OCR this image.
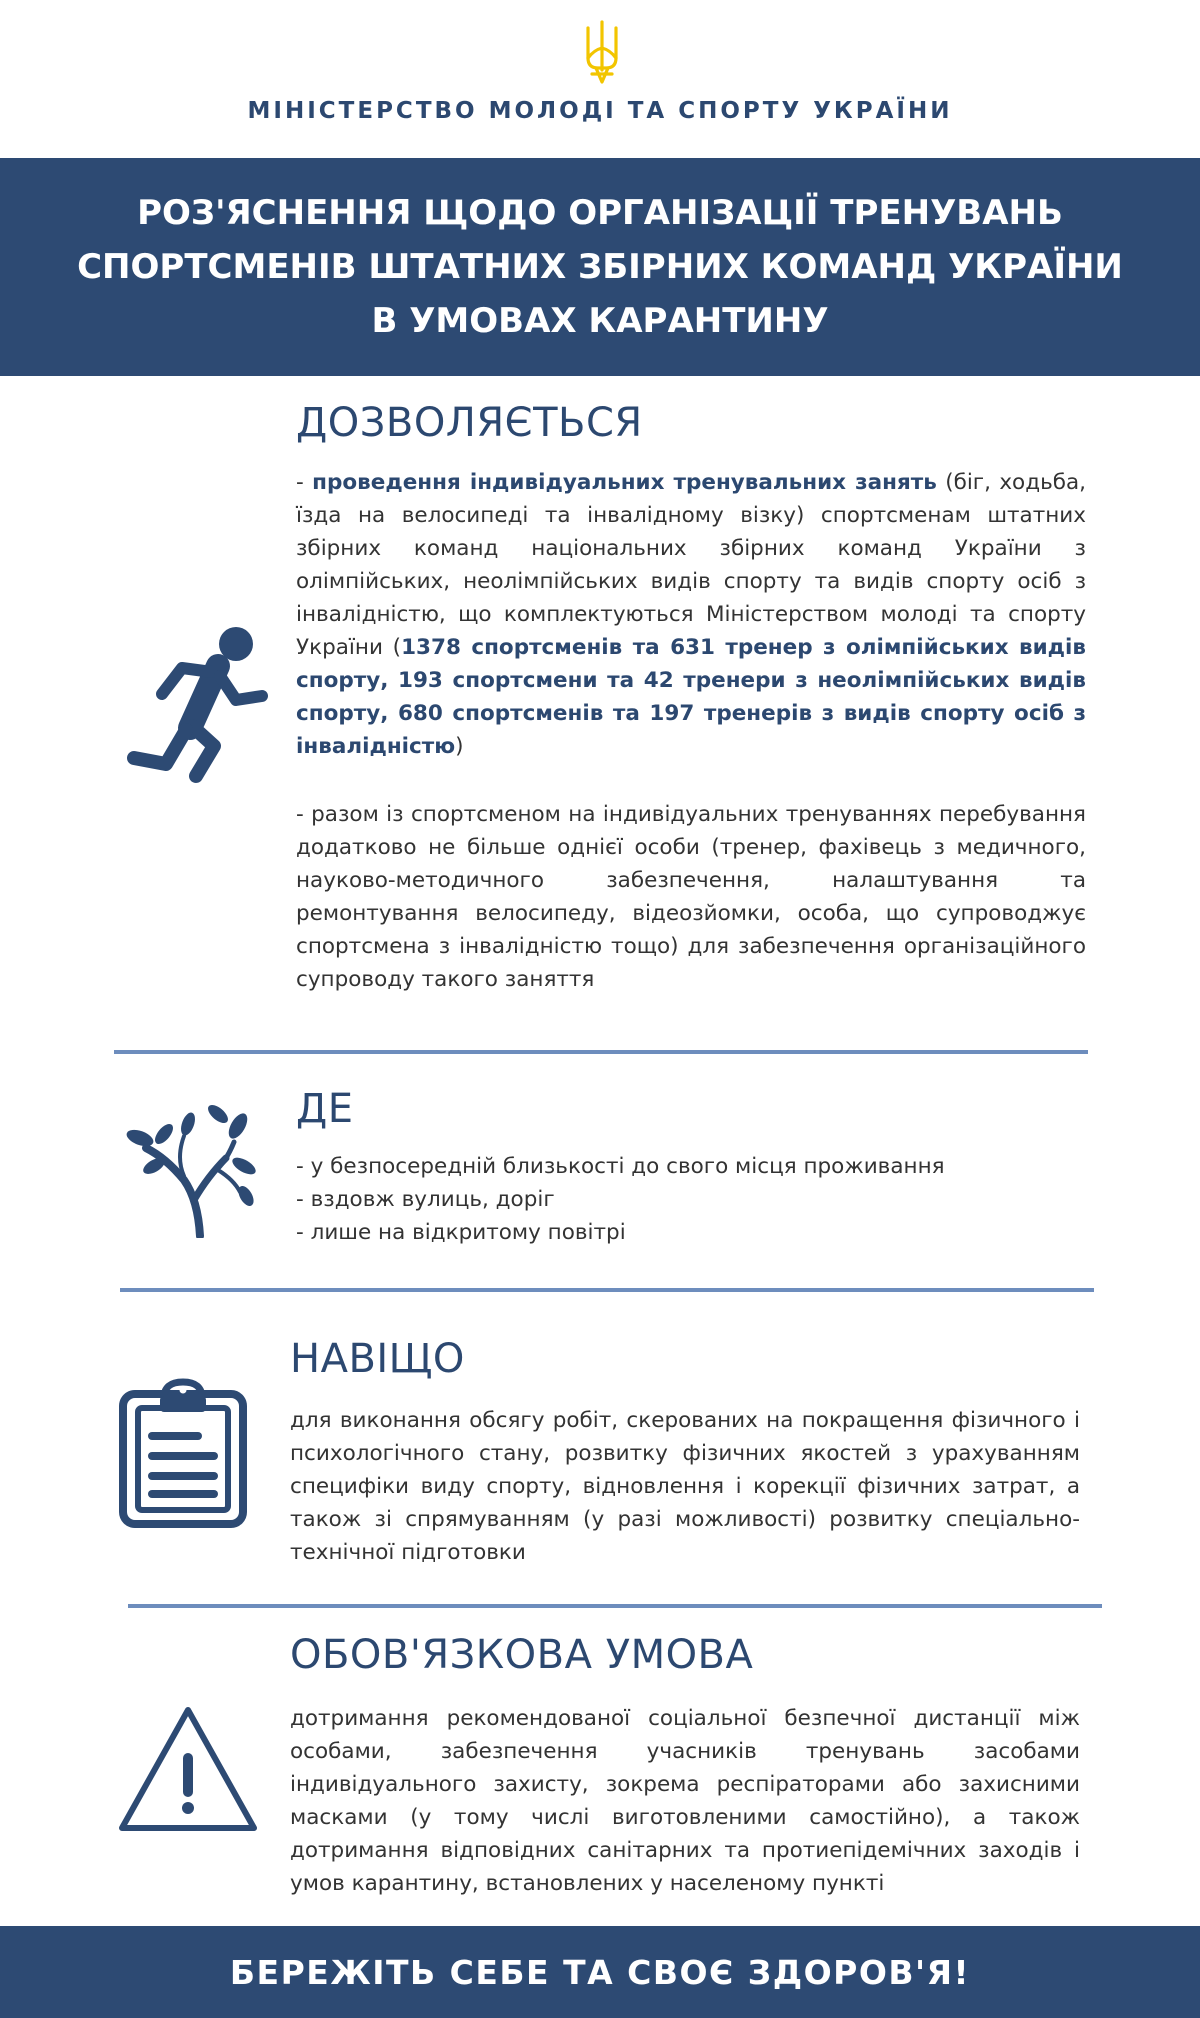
МІНІСТЕРСТВО МОЛОДІ ТА СПОРТУ УКРАЇНИ
РОЗ'ЯСНЕННЯ ЩОДО ОРГАНІЗАЦІЇ ТРЕНУВАНЬ
СПОРТСМЕНІВ ШТАТНИХ ЗБІРНИХ КОМАНД УКРАЇНИ
В УМОВАХ КАРАНТИНУ
ДОЗВОЛЯЄТЬСЯ
- проведення індивідуальних тренувальних занять (біг, ходьба, їзда на велосипеді та інвалідному візку) спортсменам штатних збірних команд національних збірних команд України з олімпійських, неолімпійських видів спорту та видів спорту осіб з інвалідністю, що комплектуються Міністерством молоді та спорту України (1378 спортсменів та 631 тренер з олімпійських видів спорту, 193 спортсмени та 42 тренери з неолімпійських видів спорту, 680 спортсменів та 197 тренерів з видів спорту осіб з інвалідністю)
- разом із спортсменом на індивідуальних тренуваннях перебування додатково не більше однієї особи (тренер, фахівець з медичного, науково-методичного забезпечення, налаштування та ремонтування велосипеду, відеозйомки, особа, що супроводжує спортсмена з інвалідністю тощо) для забезпечення організаційного супроводу такого заняття
ДЕ
- у безпосередній близькості до свого місця проживання
- вздовж вулиць, доріг
- лише на відкритому повітрі
НАВІЩО
для виконання обсягу робіт, скерованих на покращення фізичного і психологічного стану, розвитку фізичних якостей з урахуванням специфіки виду спорту, відновлення і корекції фізичних затрат, а також зі спрямуванням (у разі можливості) розвитку спеціально-технічної підготовки
ОБОВ'ЯЗКОВА УМОВА
дотримання рекомендованої соціальної безпечної дистанції між особами, забезпечення учасників тренувань засобами індивідуального захисту, зокрема респіраторами або захисними масками (у тому числі виготовленими самостійно), а також дотримання відповідних санітарних та протиепідемічних заходів і умов карантину, встановлених у населеному пункті
БЕРЕЖІТЬ СЕБЕ ТА СВОЄ ЗДОРОВ'Я!
